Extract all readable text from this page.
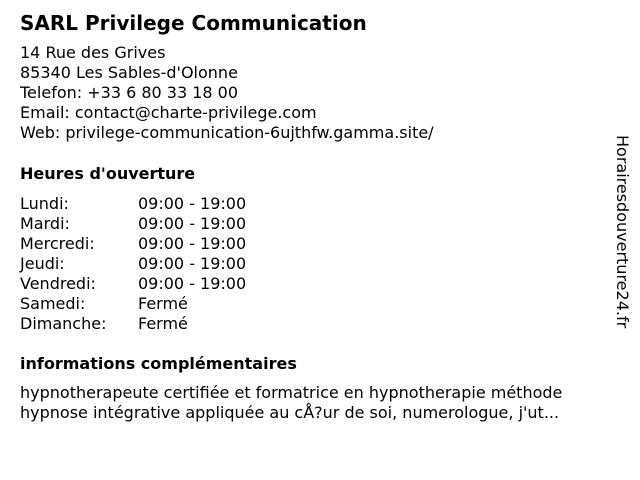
SARL Privilege Communication
14 Rue des Grives
85340 Les Sables-d'Olonne
Telefon: +33 6 80 33 18 00
Email: contact@charte-privilege.com
Web: privilege-communication-6ujthfw.gamma.site/
Heures d'ouverture
Lundi:	09:00 - 19:00
Mardi:	09:00 - 19:00
Mercredi:	09:00 - 19:00
Jeudi:	09:00 - 19:00
Vendredi:	09:00 - 19:00
Samedi:	Fermé
Dimanche:	Fermé
informations complémentaires
hypnotherapeute certifiée et formatrice en hypnotherapie méthode
hypnose intégrative appliquée au cÅ?ur de soi, numerologue, j'ut...
Horairesdouverture24.fr
